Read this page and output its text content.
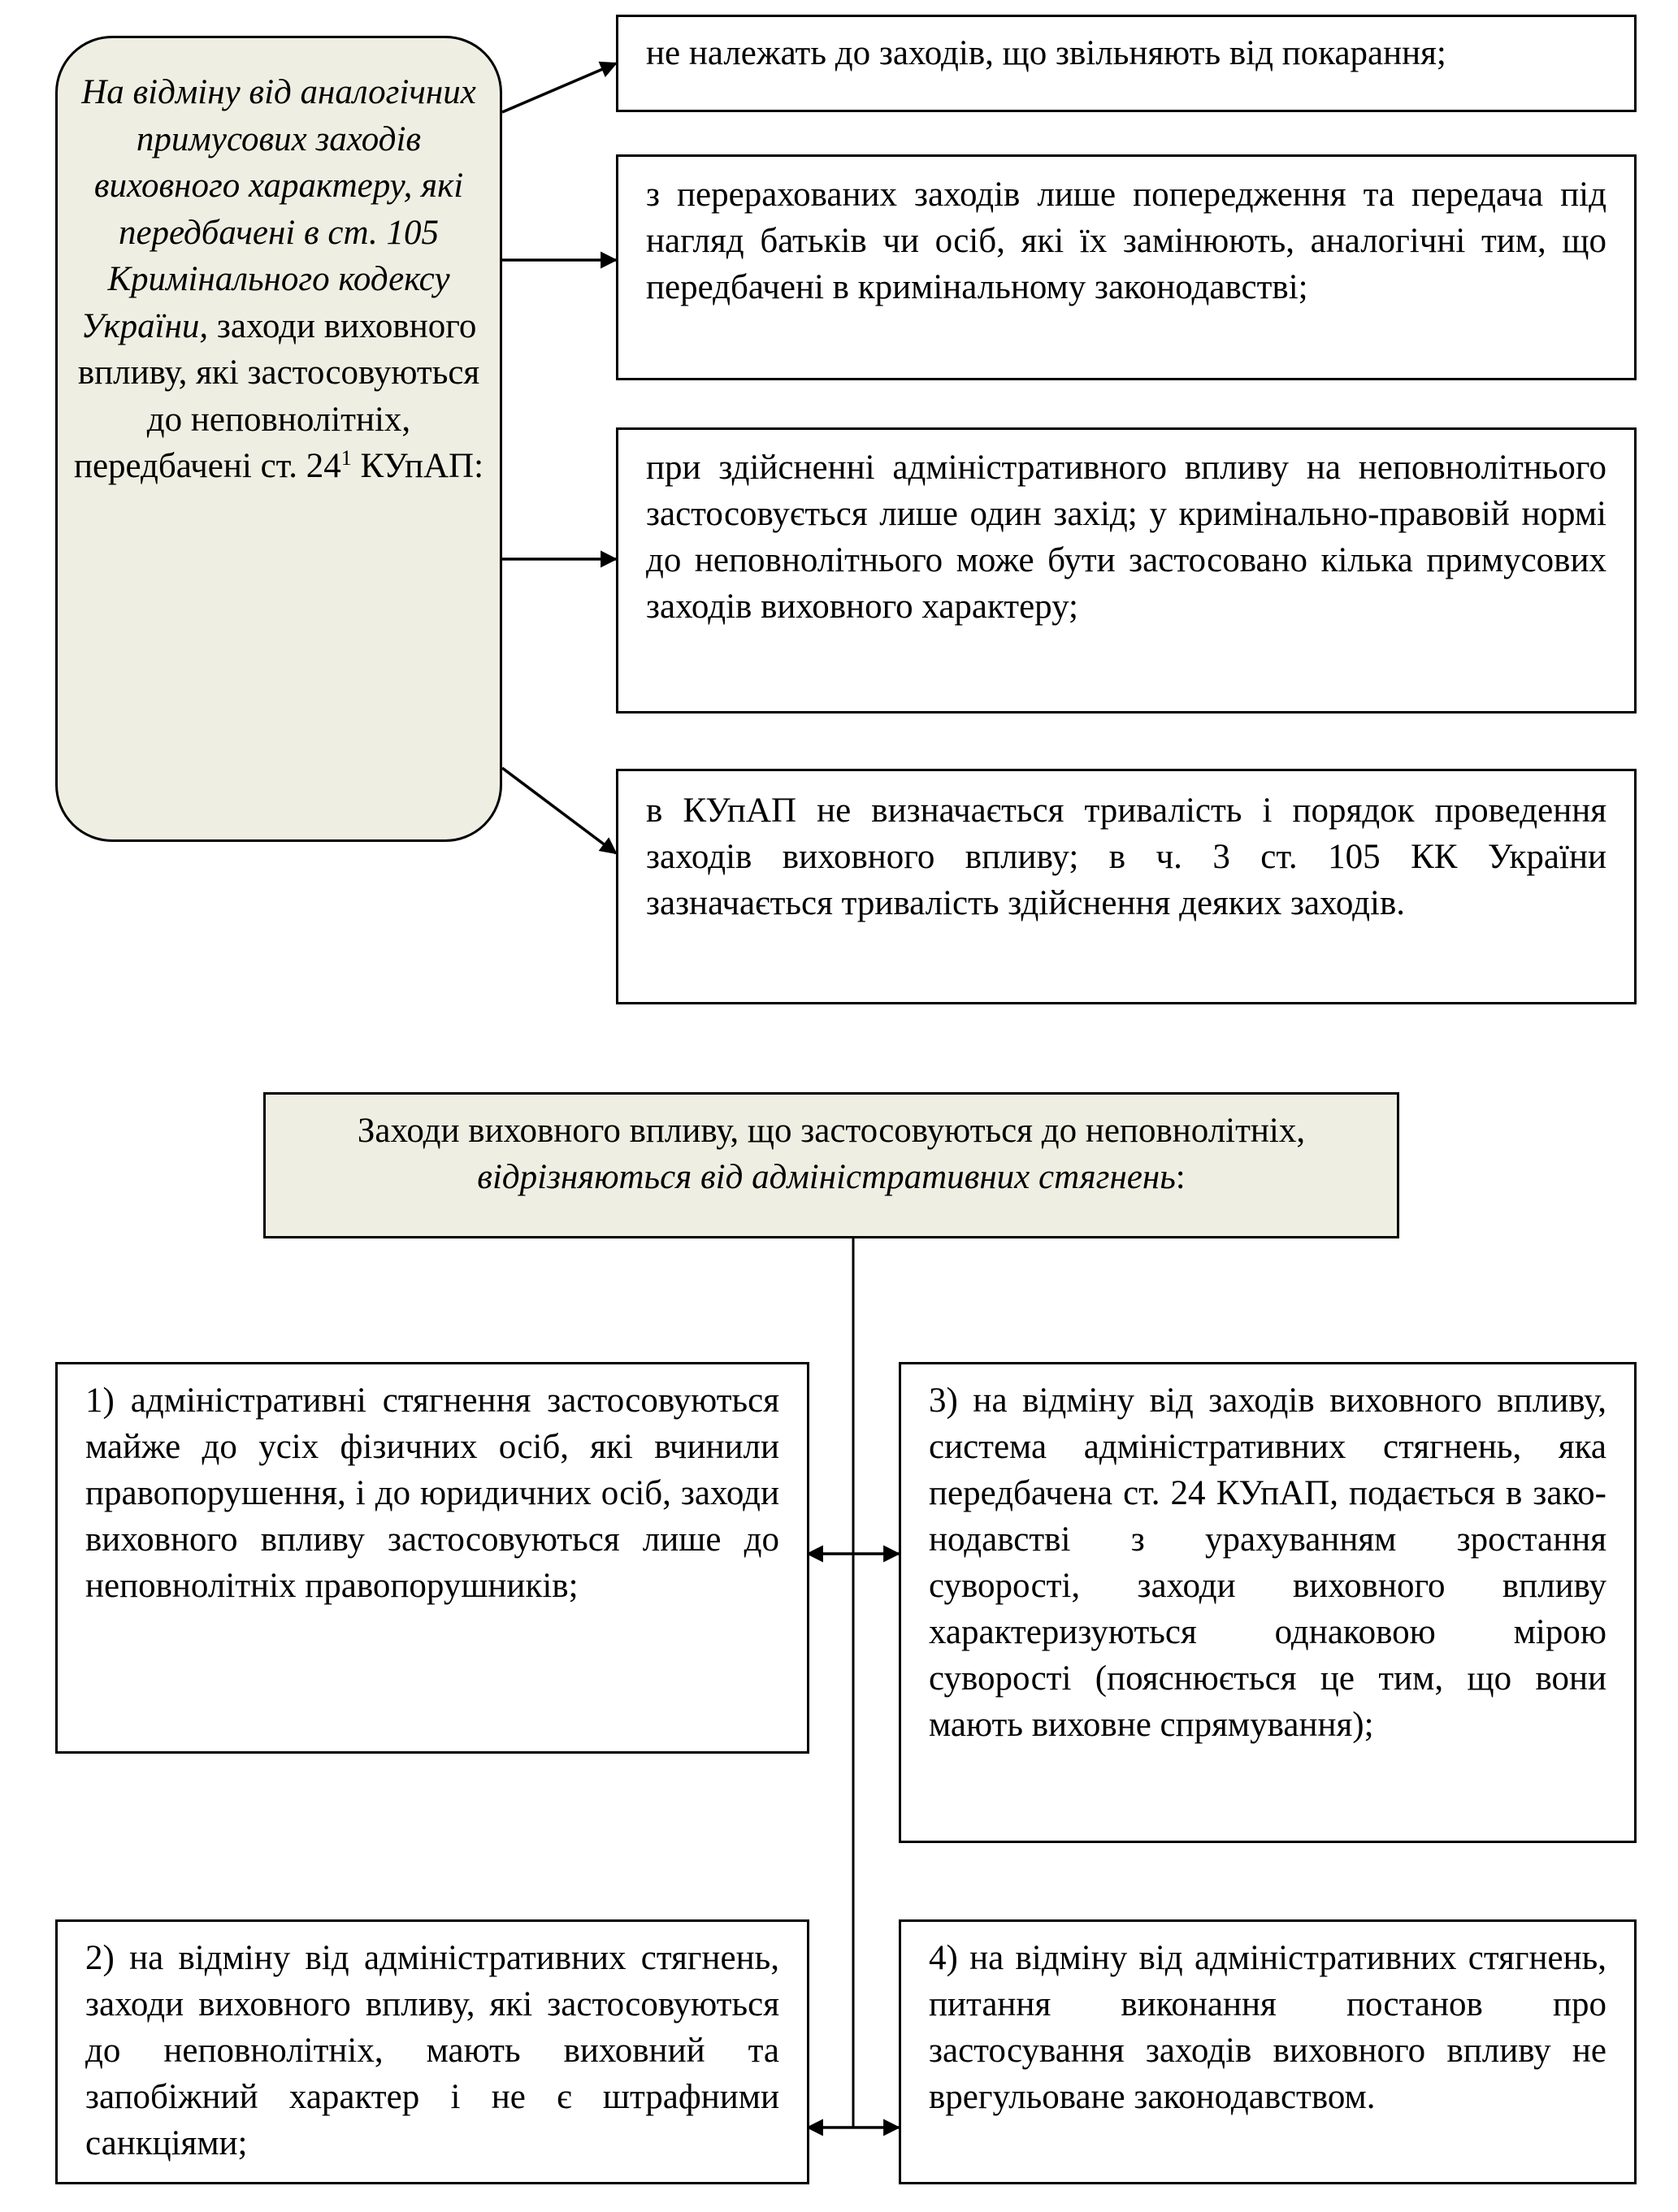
На відміну від аналогічних примусових заходів виховного характеру, які передбачені в ст. 105 Кримінального кодексу України, заходи виховного впливу, які застосовуються до неповнолітніх, передбачені ст. $24^1$ КУпАП:
не належать до заходів, що звільняють від покарання;
з перерахованих заходів лише попередження та передача під нагляд батьків чи осіб, які їх замінюють, аналогічні тим, що передбачені в кримінальному законодавстві;
при здійсненні адміністративного впливу на неповнолітнього застосовується лише один захід; у кримінально-правовій нормі до неповнолітнього може бути застосовано кілька примусових заходів виховного характеру;
в КУпАП не визначається тривалість і порядок проведення заходів виховного впливу; в ч. 3 ст. 105 КК України зазначається тривалість здійснення деяких заходів.
Заходи виховного впливу, що застосовуються до неповнолітніх, відрізняються від адміністративних стягнень:
1) адміністративні стягнення застосовуються майже до усіх фізичних осіб, які вчинили правопорушення, і до юридичних осіб, заходи виховного впливу застосовуються лише до неповнолітніх правопорушників;
3) на відміну від заходів виховного впливу, система адміністративних стягнень, яка передбачена ст. 24 КУпАП, подається в зако-нодавстві з урахуванням зростання суворості, заходи виховного впливу характеризуються однаковою мірою суворості (пояснюється це тим, що вони мають виховне спрямування);
2) на відміну від адміністративних стягнень, заходи виховного впливу, які застосовуються до неповнолітніх, мають виховний та запобіжний характер і не є штрафними санкціями;
4) на відміну від адміністративних стягнень, питання виконання постанов про застосування заходів виховного впливу не врегульоване законодавством.
